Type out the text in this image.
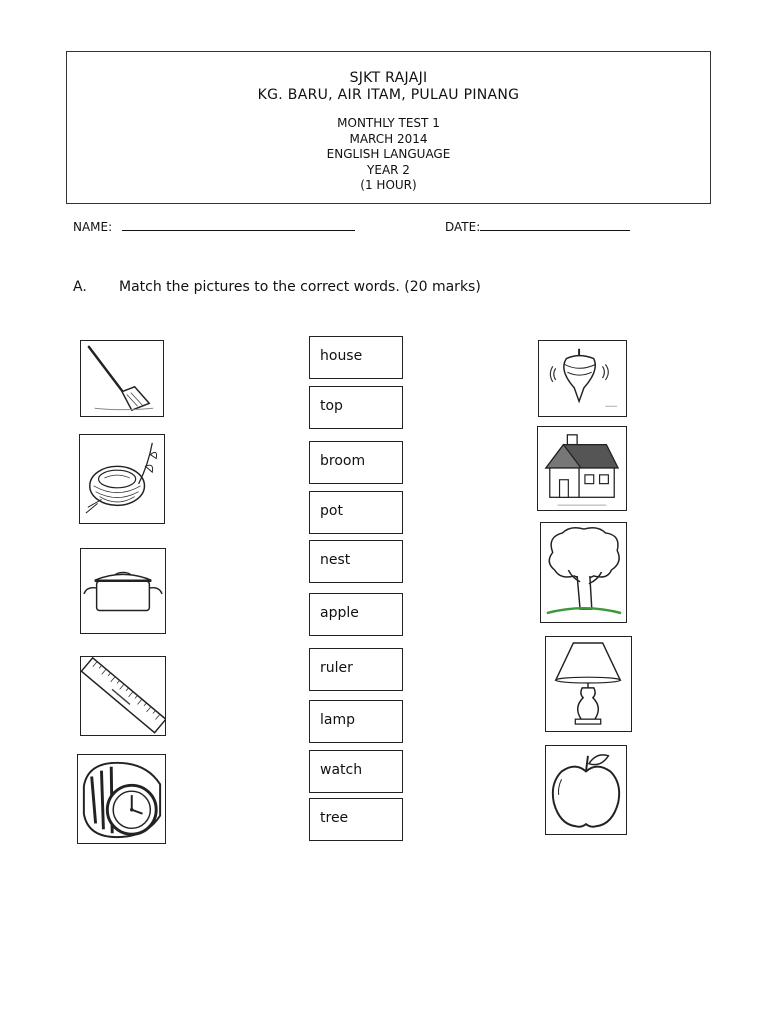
SJKT RAJAJI
KG. BARU, AIR ITAM, PULAU PINANG
MONTHLY TEST 1
MARCH 2014
ENGLISH LANGUAGE
YEAR 2
(1 HOUR)
NAME:	DATE:
A. Match the pictures to the correct words. (20 marks)
house
top
broom
pot
nest
apple
ruler
lamp
watch
tree
